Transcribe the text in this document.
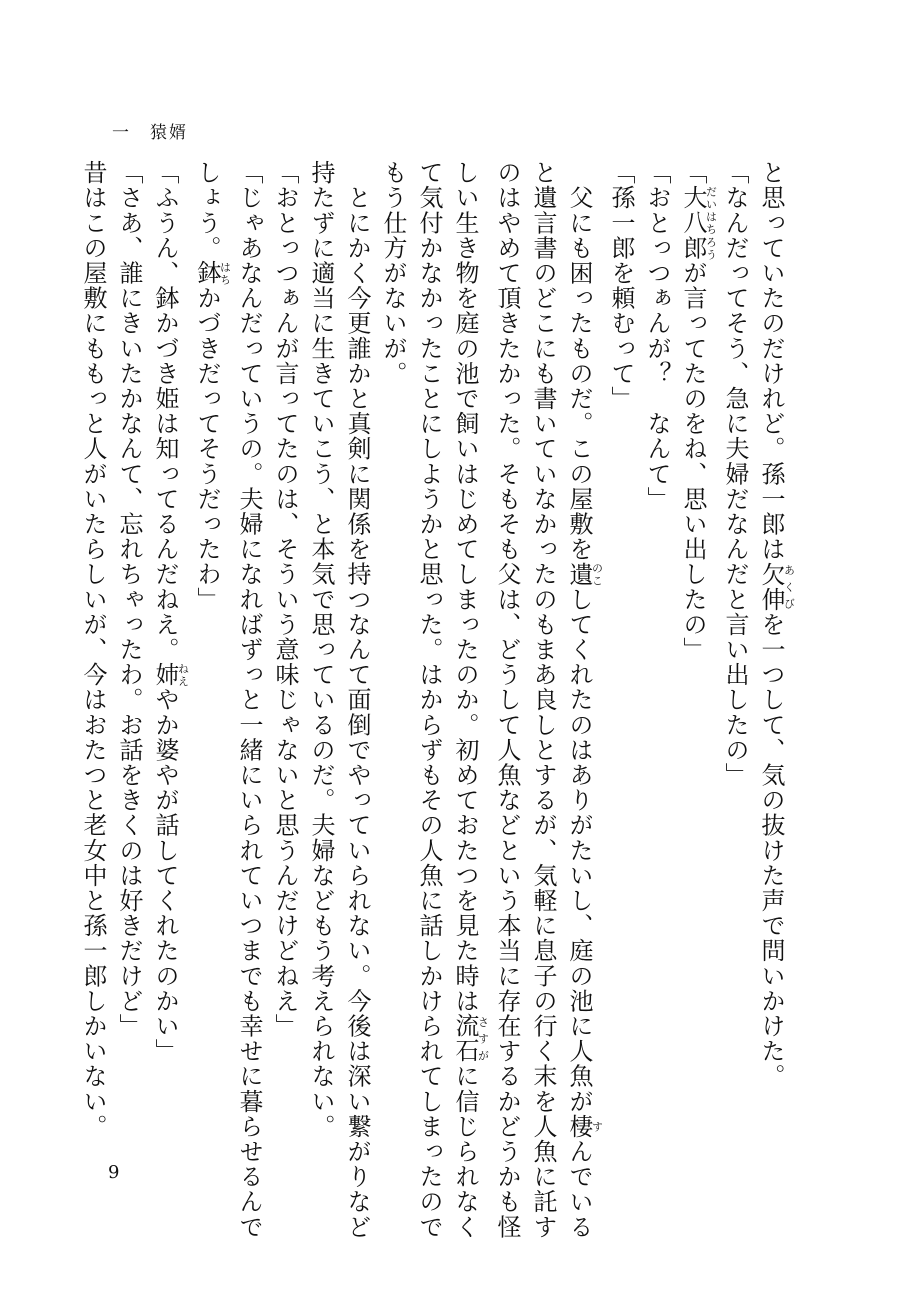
一　 猿婿
と思っていたのだけれど。孫一郎は欠伸あくびを一つして、気の抜けた声で問いかけた。
「なんだってそう、急に夫婦だなんだと言い出したの」
「大八郎だいはちろうが言ってたのをね、思い出したの」
「おとっつぁんが？　なんて」
「孫一郎を頼むって」
　父にも困ったものだ。この屋敷を遺のこしてくれたのはありがたいし、庭の池に人魚が棲すんでいる
と遺言書のどこにも書いていなかったのもまあ良しとするが、気軽に息子の行く末を人魚に託す
のはやめて頂きたかった。そもそも父は、どうして人魚などという本当に存在するかどうかも怪
しい生き物を庭の池で飼いはじめてしまったのか。初めておたつを見た時は流石さすがに信じられなく
て気付かなかったことにしようかと思った。はからずもその人魚に話しかけられてしまったので
もう仕方がないが。
　とにかく今更誰かと真剣に関係を持つなんて面倒でやっていられない。今後は深い繋がりなど
持たずに適当に生きていこう、と本気で思っているのだ。夫婦などもう考えられない。
「おとっつぁんが言ってたのは、そういう意味じゃないと思うんだけどねえ」
「じゃあなんだっていうの。夫婦になればずっと一緒にいられていつまでも幸せに暮らせるんで
しょう。鉢はちかづきだってそうだったわ」
「ふうん、鉢かづき姫は知ってるんだねえ。姉ねえやか婆やが話してくれたのかい」
「さあ、誰にきいたかなんて、忘れちゃったわ。お話をきくのは好きだけど」
昔はこの屋敷にももっと人がいたらしいが、今はおたつと老女中と孫一郎しかいない。
9
